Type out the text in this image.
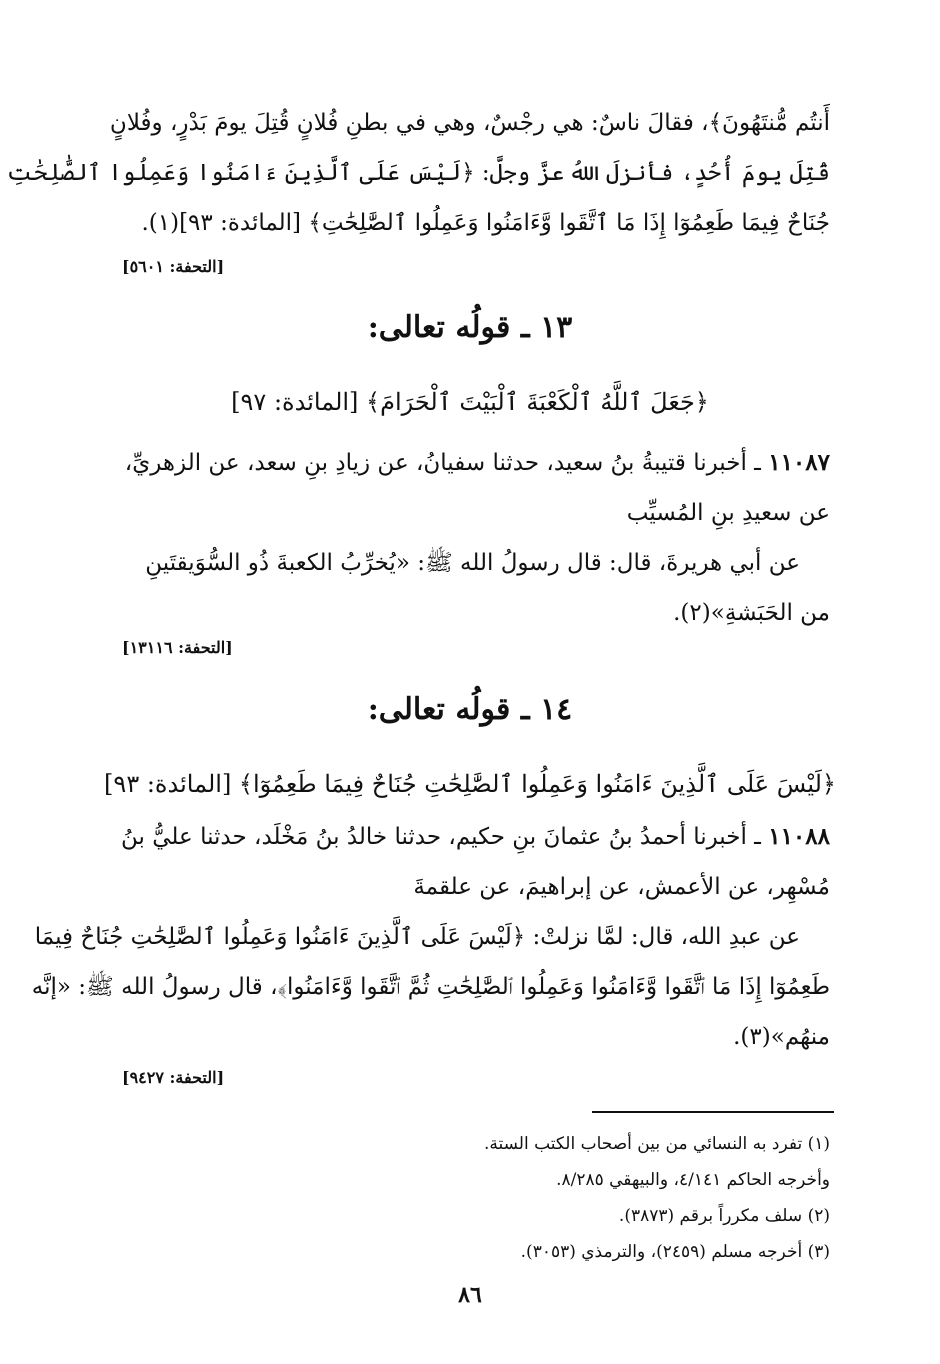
أَنتُم مُّنتَهُونَ﴾، فقالَ ناسٌ: هي رجْسٌ، وهي في بطنِ فُلانٍ قُتِلَ يومَ بَدْرٍ، وفُلانٍ
قُتِلَ يومَ أُحُدٍ، فأنزلَ اللهُ عزَّ وجلَّ: ﴿لَيْسَ عَلَى ٱلَّذِينَ ءَامَنُوا وَعَمِلُوا ٱلصَّٰلِحَٰتِ
جُنَاحٌ فِيمَا طَعِمُوٓا إِذَا مَا ٱتَّقَوا وَّءَامَنُوا وَعَمِلُوا ٱلصَّٰلِحَٰتِ﴾ [المائدة: ٩٣](١).
[التحفة: ٥٦٠١]
١٣ ـ قولُه تعالى:
﴿جَعَلَ ٱللَّهُ ٱلْكَعْبَةَ ٱلْبَيْتَ ٱلْحَرَامَ﴾ [المائدة: ٩٧]
١١٠٨٧ ـ أخبرنا قتيبةُ بنُ سعيد، حدثنا سفيانُ، عن زيادِ بنِ سعد، عن الزهريِّ،
عن سعيدِ بنِ المُسيِّب
عن أبي هريرةَ، قال: قال رسولُ الله ﷺ: «يُخرِّبُ الكعبةَ ذُو السُّوَيقتَينِ
من الحَبَشةِ»(٢).
[التحفة: ١٣١١٦]
١٤ ـ قولُه تعالى:
﴿لَيْسَ عَلَى ٱلَّذِينَ ءَامَنُوا وَعَمِلُوا ٱلصَّٰلِحَٰتِ جُنَاحٌ فِيمَا طَعِمُوٓا﴾ [المائدة: ٩٣]
١١٠٨٨ ـ أخبرنا أحمدُ بنُ عثمانَ بنِ حكيم، حدثنا خالدُ بنُ مَخْلَد، حدثنا عليُّ بنُ
مُسْهِر، عن الأعمش، عن إبراهيمَ، عن علقمةَ
عن عبدِ الله، قال: لمَّا نزلتْ: ﴿لَيْسَ عَلَى ٱلَّذِينَ ءَامَنُوا وَعَمِلُوا ٱلصَّٰلِحَٰتِ جُنَاحٌ فِيمَا
طَعِمُوٓا إِذَا مَا ٱتَّقَوا وَّءَامَنُوا وَعَمِلُوا ٱلصَّٰلِحَٰتِ ثُمَّ ٱتَّقَوا وَّءَامَنُوا﴾، قال رسولُ الله ﷺ: «إنَّه
منهُم»(٣).
[التحفة: ٩٤٢٧]
(١) تفرد به النسائي من بين أصحاب الكتب الستة.
وأخرجه الحاكم ٤/١٤١، والبيهقي ٨/٢٨٥.
(٢) سلف مكرراً برقم (٣٨٧٣).
(٣) أخرجه مسلم (٢٤٥٩)، والترمذي (٣٠٥٣).
٨٦
